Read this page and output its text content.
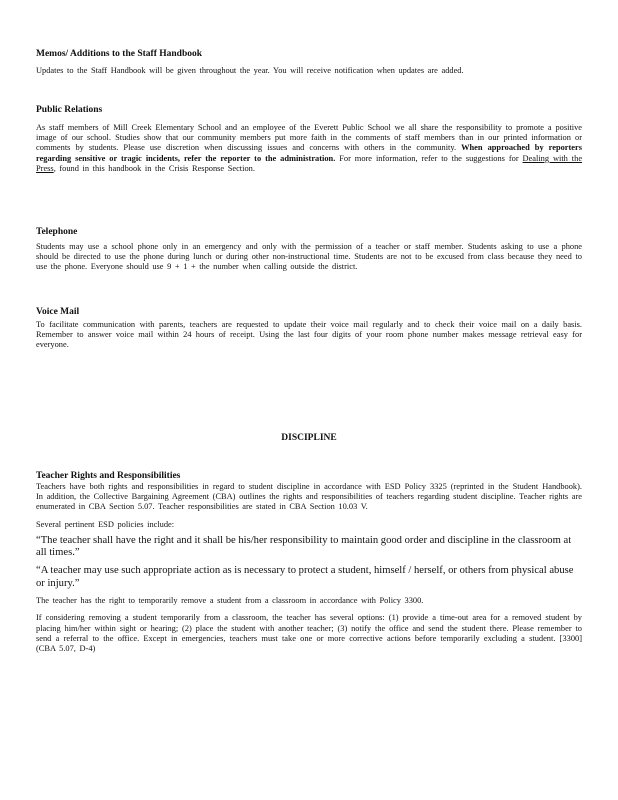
Memos/ Additions to the Staff Handbook

Updates to the Staff Handbook will be given throughout the year. You will receive notification when updates are added.

Public Relations

As staff members of Mill Creek Elementary School and an employee of the Everett Public School we all share the responsibility to promote a positive image of our school. Studies show that our community members put more faith in the comments of staff members than in our printed information or comments by students. Please use discretion when discussing issues and concerns with others in the community. When approached by reporters regarding sensitive or tragic incidents, refer the reporter to the administration. For more information, refer to the suggestions for Dealing with the Press, found in this handbook in the Crisis Response Section.

Telephone

Students may use a school phone only in an emergency and only with the permission of a teacher or staff member. Students asking to use a phone should be directed to use the phone during lunch or during other non-instructional time. Students are not to be excused from class because they need to use the phone. Everyone should use 9 + 1 + the number when calling outside the district.

Voice Mail

To facilitate communication with parents, teachers are requested to update their voice mail regularly and to check their voice mail on a daily basis. Remember to answer voice mail within 24 hours of receipt. Using the last four digits of your room phone number makes message retrieval easy for everyone.

DISCIPLINE

Teacher Rights and Responsibilities

Teachers have both rights and responsibilities in regard to student discipline in accordance with ESD Policy 3325 (reprinted in the Student Handbook). In addition, the Collective Bargaining Agreement (CBA) outlines the rights and responsibilities of teachers regarding student discipline. Teacher rights are enumerated in CBA Section 5.07. Teacher responsibilities are stated in CBA Section 10.03 V.

Several pertinent ESD policies include:

“The teacher shall have the right and it shall be his/her responsibility to maintain good order and discipline in the classroom at all times.”

“A teacher may use such appropriate action as is necessary to protect a student, himself / herself, or others from physical abuse or injury.”

The teacher has the right to temporarily remove a student from a classroom in accordance with Policy 3300.

If considering removing a student temporarily from a classroom, the teacher has several options: (1) provide a time-out area for a removed student by placing him/her within sight or hearing; (2) place the student with another teacher; (3) notify the office and send the student there. Please remember to send a referral to the office. Except in emergencies, teachers must take one or more corrective actions before temporarily excluding a student. [3300](CBA 5.07, D-4)
